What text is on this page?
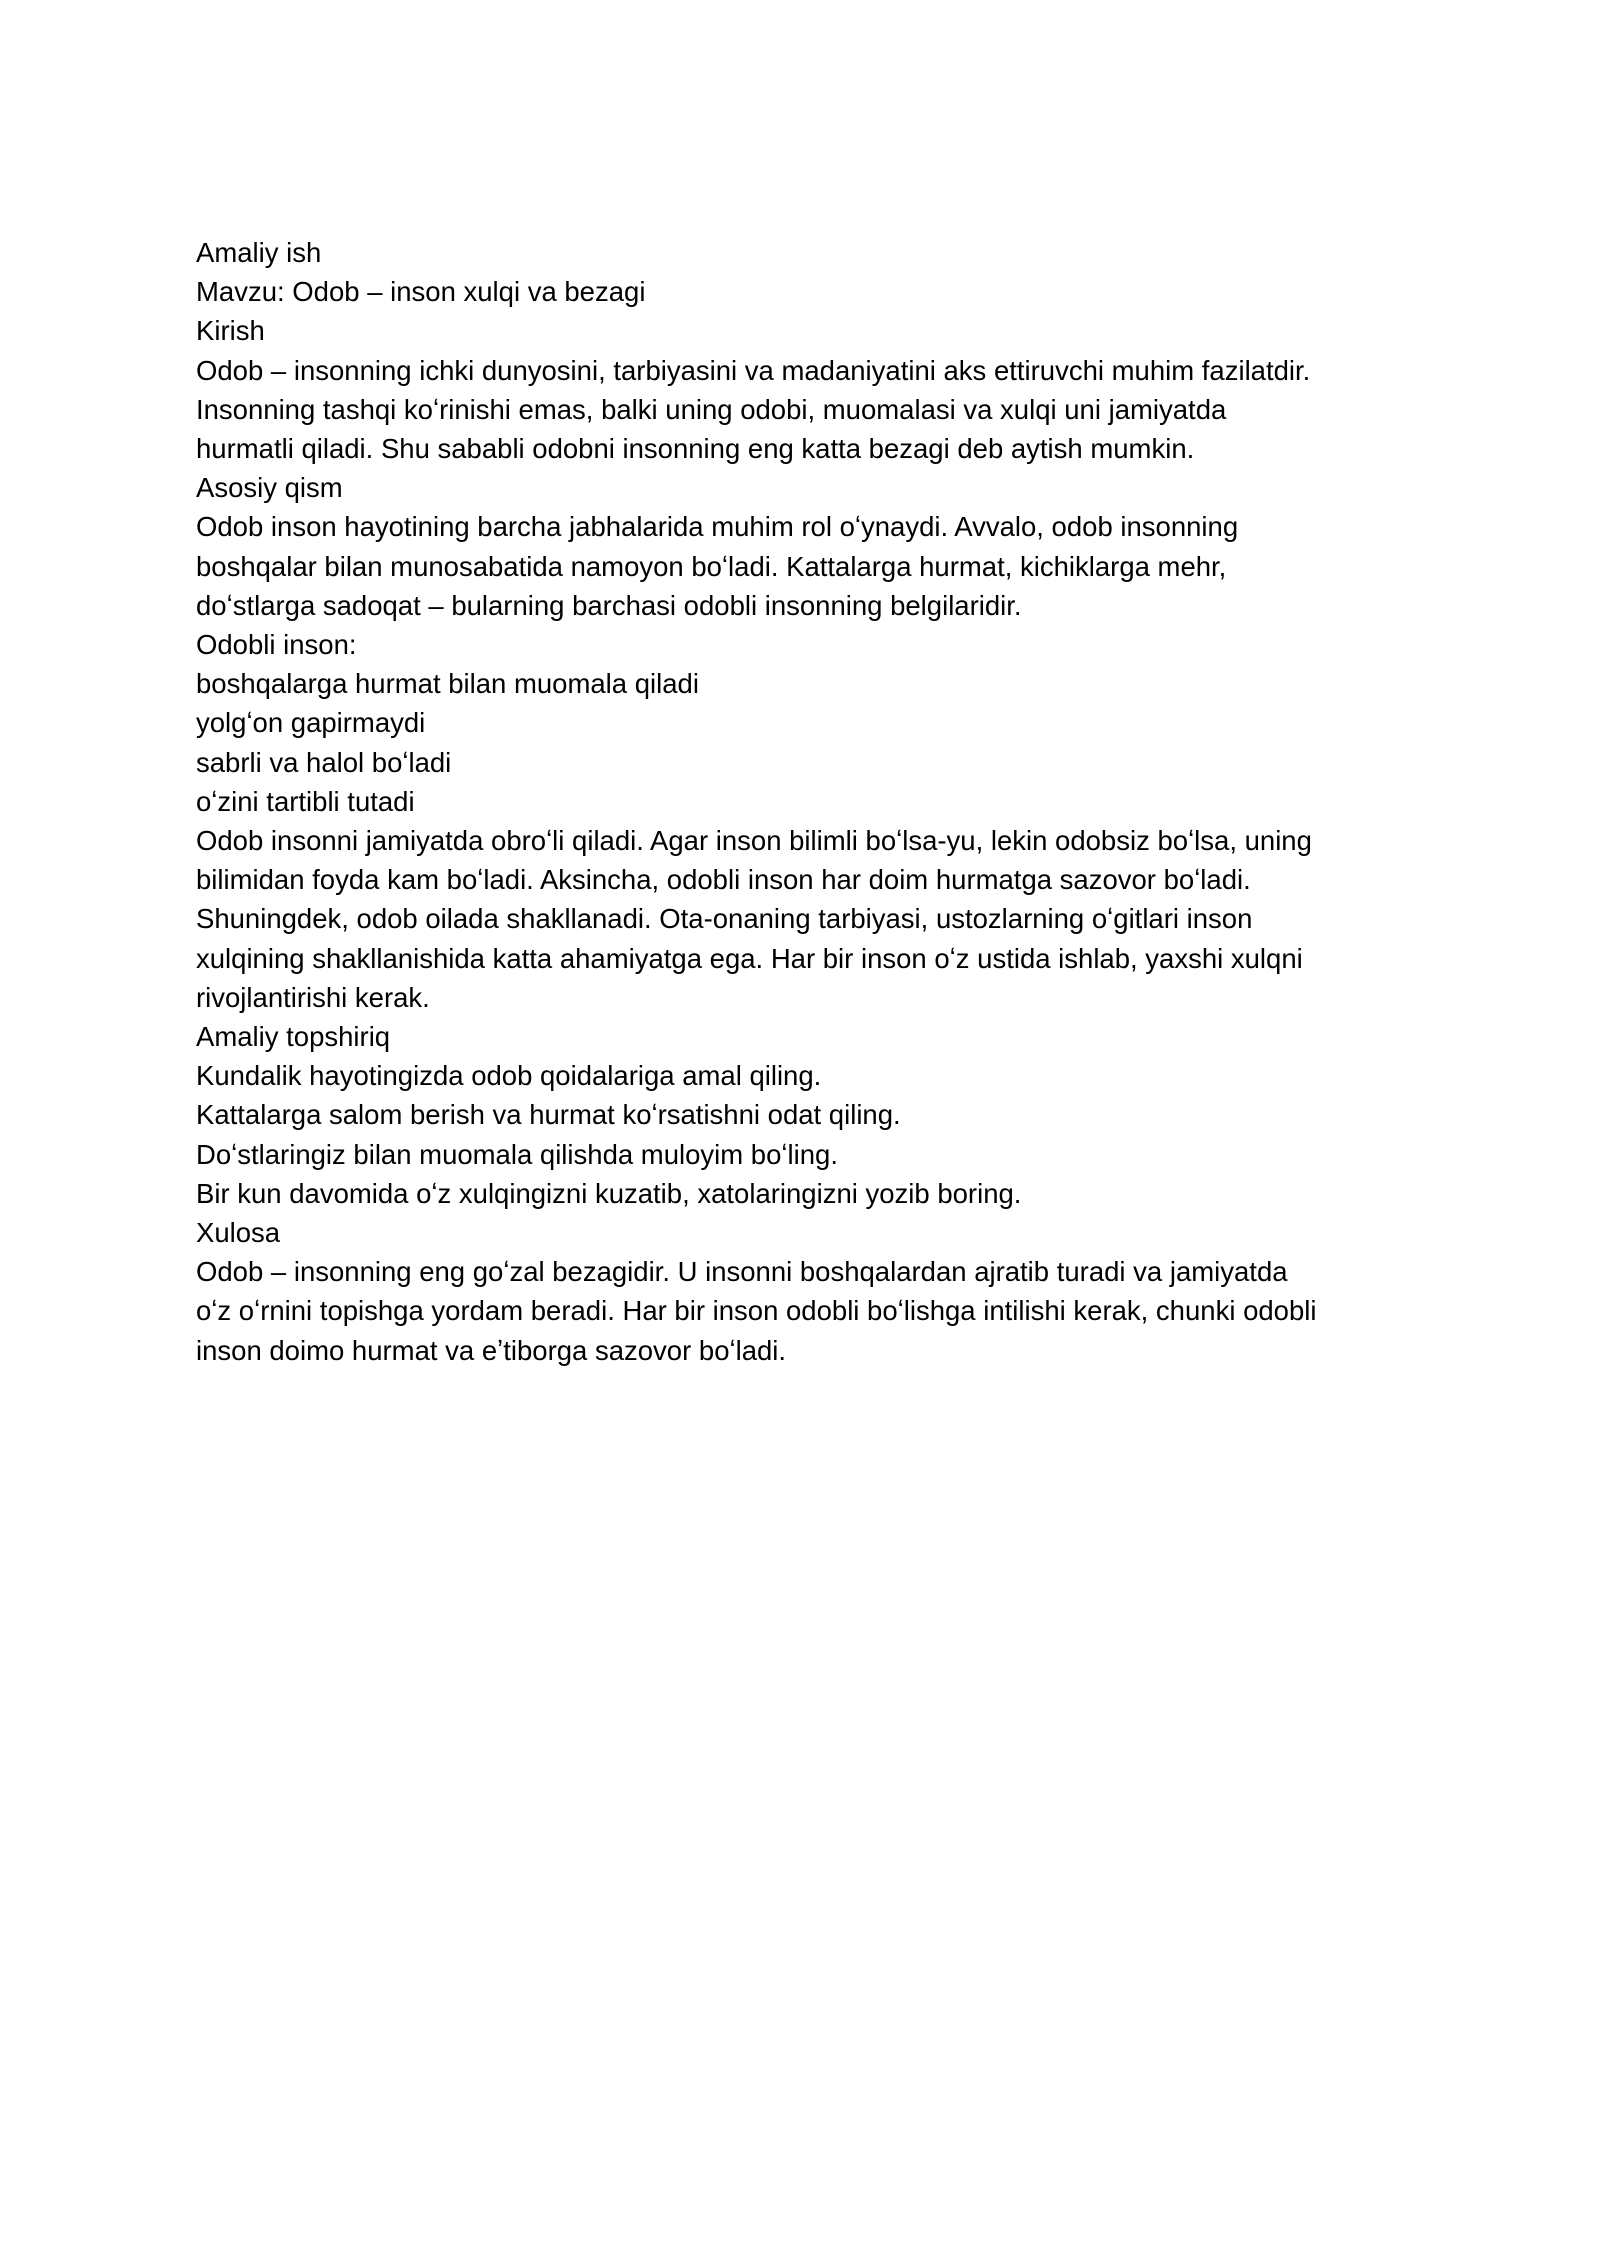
Amaliy ish
Mavzu: Odob – inson xulqi va bezagi
Kirish
Odob – insonning ichki dunyosini, tarbiyasini va madaniyatini aks ettiruvchi muhim fazilatdir.
Insonning tashqi koʻrinishi emas, balki uning odobi, muomalasi va xulqi uni jamiyatda
hurmatli qiladi. Shu sababli odobni insonning eng katta bezagi deb aytish mumkin.
Asosiy qism
Odob inson hayotining barcha jabhalarida muhim rol oʻynaydi. Avvalo, odob insonning
boshqalar bilan munosabatida namoyon boʻladi. Kattalarga hurmat, kichiklarga mehr,
doʻstlarga sadoqat – bularning barchasi odobli insonning belgilaridir.
Odobli inson:
boshqalarga hurmat bilan muomala qiladi
yolgʻon gapirmaydi
sabrli va halol boʻladi
oʻzini tartibli tutadi
Odob insonni jamiyatda obroʻli qiladi. Agar inson bilimli boʻlsa-yu, lekin odobsiz boʻlsa, uning
bilimidan foyda kam boʻladi. Aksincha, odobli inson har doim hurmatga sazovor boʻladi.
Shuningdek, odob oilada shakllanadi. Ota-onaning tarbiyasi, ustozlarning oʻgitlari inson
xulqining shakllanishida katta ahamiyatga ega. Har bir inson oʻz ustida ishlab, yaxshi xulqni
rivojlantirishi kerak.
Amaliy topshiriq
Kundalik hayotingizda odob qoidalariga amal qiling.
Kattalarga salom berish va hurmat koʻrsatishni odat qiling.
Doʻstlaringiz bilan muomala qilishda muloyim boʻling.
Bir kun davomida oʻz xulqingizni kuzatib, xatolaringizni yozib boring.
Xulosa
Odob – insonning eng goʻzal bezagidir. U insonni boshqalardan ajratib turadi va jamiyatda
oʻz oʻrnini topishga yordam beradi. Har bir inson odobli boʻlishga intilishi kerak, chunki odobli
inson doimo hurmat va eʼtiborga sazovor boʻladi.
